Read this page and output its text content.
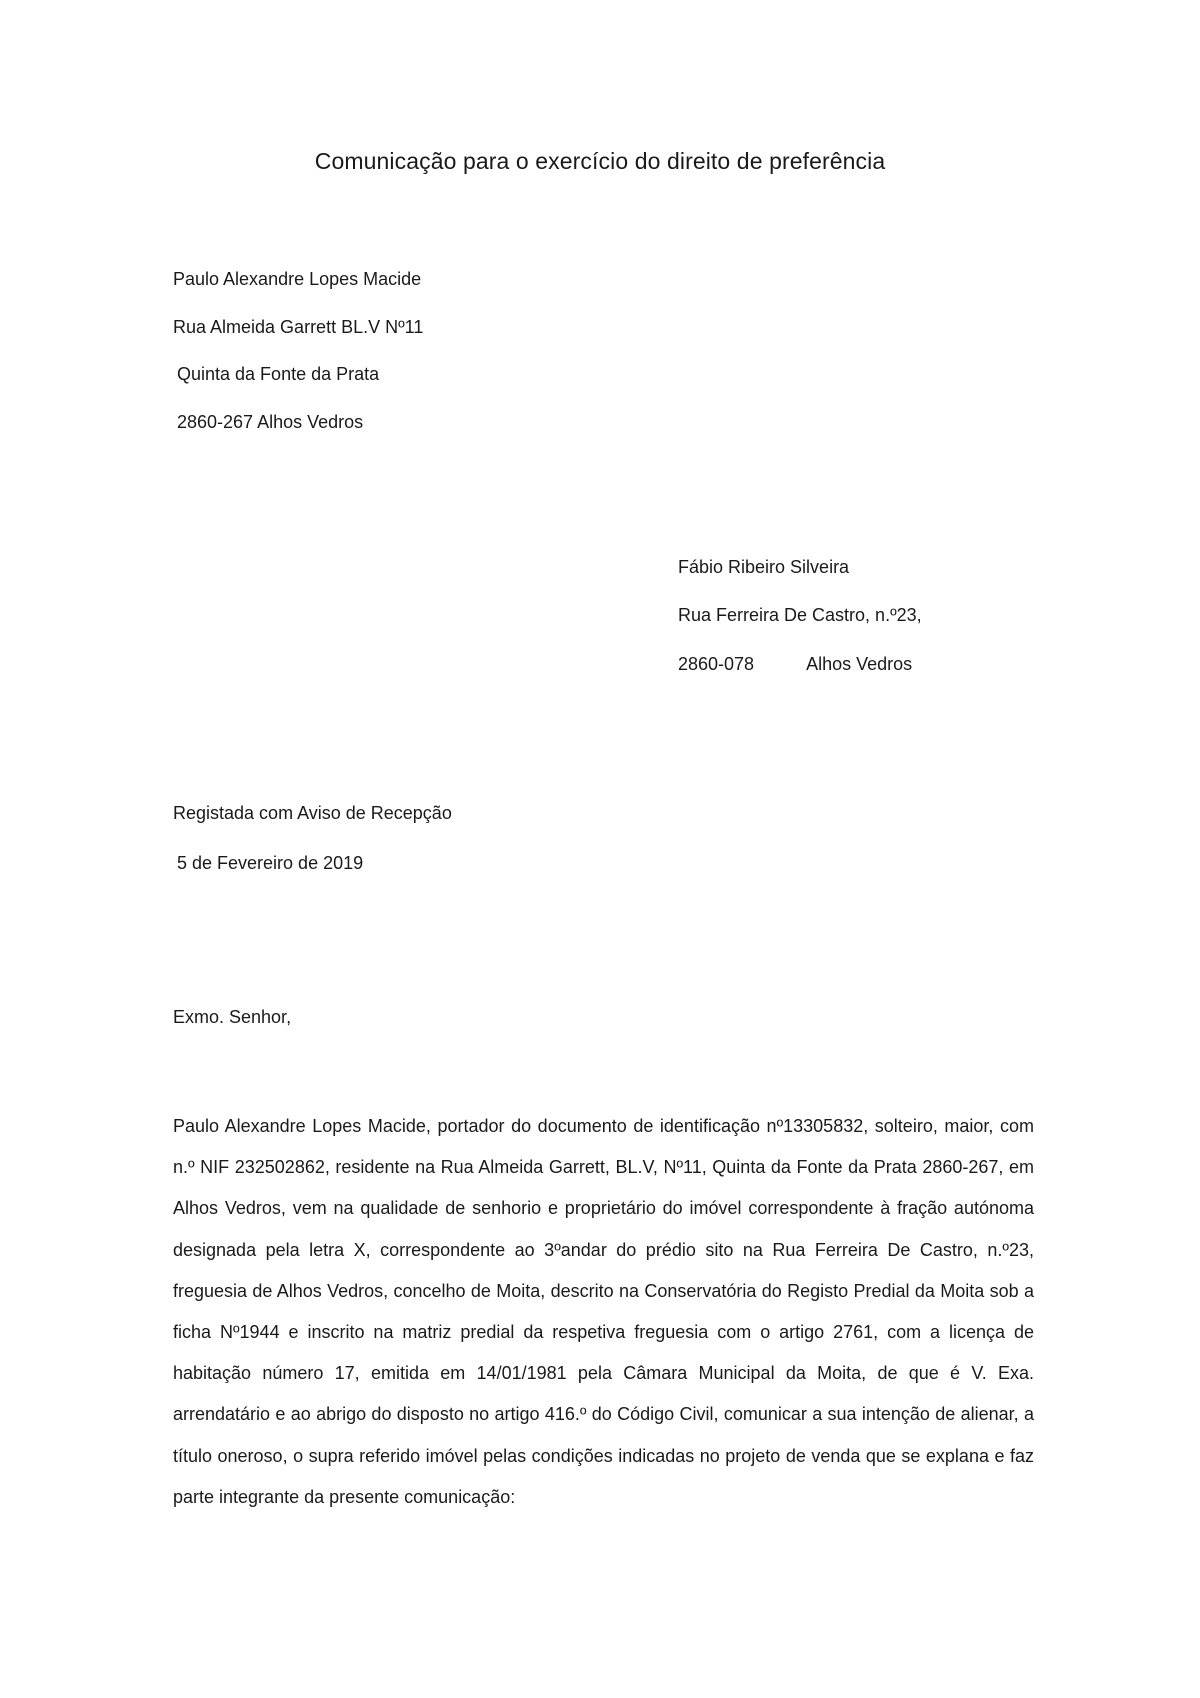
Comunicação para o exercício do direito de preferência
Paulo Alexandre Lopes Macide
Rua Almeida Garrett BL.V Nº11
Quinta da Fonte da Prata
2860-267 Alhos Vedros
Fábio Ribeiro Silveira
Rua Ferreira De Castro, n.º23,
2860-078	Alhos Vedros
Registada com Aviso de Recepção
5 de Fevereiro de 2019
Exmo. Senhor,
Paulo Alexandre Lopes Macide, portador do documento de identificação nº13305832, solteiro, maior, com n.º NIF 232502862, residente na Rua Almeida Garrett, BL.V, Nº11, Quinta da Fonte da Prata 2860-267, em Alhos Vedros, vem na qualidade de senhorio e proprietário do imóvel correspondente à fração autónoma designada pela letra X, correspondente ao 3ºandar do prédio sito na Rua Ferreira De Castro, n.º23, freguesia de Alhos Vedros, concelho de Moita, descrito na Conservatória do Registo Predial da Moita sob a ficha Nº1944 e inscrito na matriz predial da respetiva freguesia com o artigo 2761, com a licença de habitação número 17, emitida em 14/01/1981 pela Câmara Municipal da Moita, de que é V. Exa. arrendatário e ao abrigo do disposto no artigo 416.º do Código Civil, comunicar a sua intenção de alienar, a título oneroso, o supra referido imóvel pelas condições indicadas no projeto de venda que se explana e faz parte integrante da presente comunicação:
